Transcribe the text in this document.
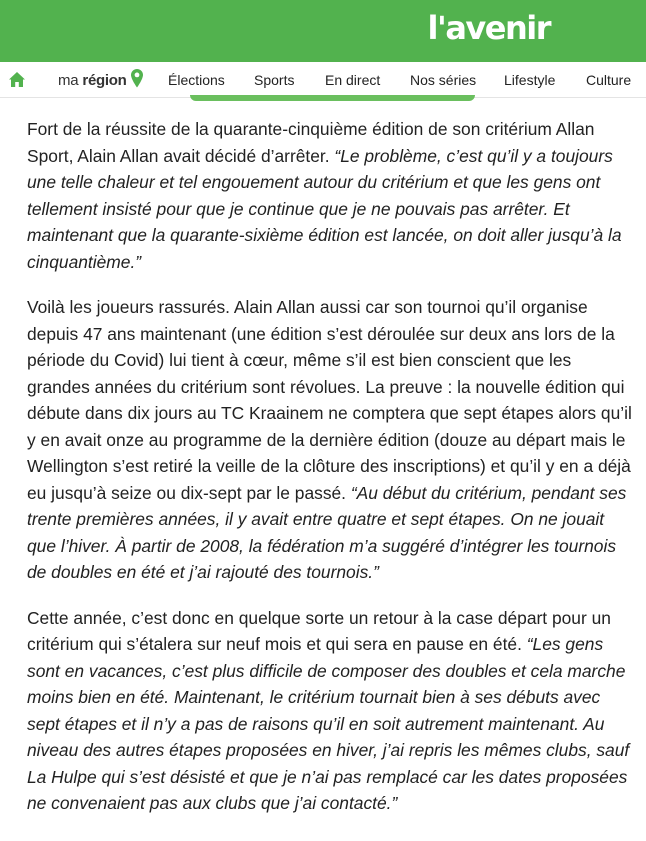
l'avenir
ma région	Élections Sports En direct Nos séries Lifestyle Culture

Fort de la réussite de la quarante-cinquième édition de son critérium Allan Sport, Alain Allan avait décidé d’arrêter. “Le problème, c’est qu’il y a toujours une telle chaleur et tel engouement autour du critérium et que les gens ont tellement insisté pour que je continue que je ne pouvais pas arrêter. Et maintenant que la quarante-sixième édition est lancée, on doit aller jusqu’à la cinquantième.”

Voilà les joueurs rassurés. Alain Allan aussi car son tournoi qu’il organise depuis 47 ans maintenant (une édition s’est déroulée sur deux ans lors de la période du Covid) lui tient à cœur, même s’il est bien conscient que les grandes années du critérium sont révolues. La preuve : la nouvelle édition qui débute dans dix jours au TC Kraainem ne comptera que sept étapes alors qu’il y en avait onze au programme de la dernière édition (douze au départ mais le Wellington s’est retiré la veille de la clôture des inscriptions) et qu’il y en a déjà eu jusqu’à seize ou dix-sept par le passé. “Au début du critérium, pendant ses trente premières années, il y avait entre quatre et sept étapes. On ne jouait que l’hiver. À partir de 2008, la fédération m’a suggéré d’intégrer les tournois de doubles en été et j’ai rajouté des tournois.”

Cette année, c’est donc en quelque sorte un retour à la case départ pour un critérium qui s’étalera sur neuf mois et qui sera en pause en été. “Les gens sont en vacances, c’est plus difficile de composer des doubles et cela marche moins bien en été. Maintenant, le critérium tournait bien à ses débuts avec sept étapes et il n’y a pas de raisons qu’il en soit autrement maintenant. Au niveau des autres étapes proposées en hiver, j’ai repris les mêmes clubs, sauf La Hulpe qui s’est désisté et que je n’ai pas remplacé car les dates proposées ne convenaient pas aux clubs que j’ai contacté.”
